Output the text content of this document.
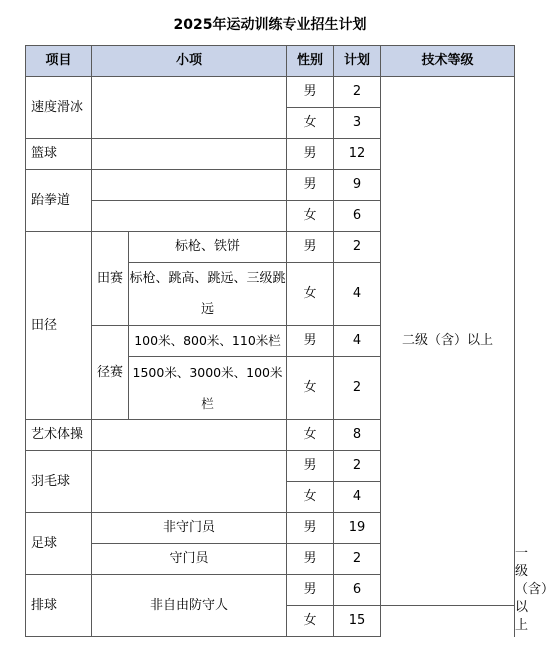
2025年运动训练专业招生计划
项目	小项		性别	计划	技术等级	
速度滑冰			男	2	二级（含）以上	
			女	3		
篮球			男	12		
跆拳道			男	9		
			女	6		
田径	田赛	标枪、铁饼	男	2		
		标枪、跳高、跳远、三级跳远	女	4		
	径赛	100米、800米、110米栏	男	4		
		1500米、3000米、100米栏	女	2		
艺术体操			女	8		
羽毛球			男	2		
			女	4		
足球	非守门员		男	19		
	守门员		男	2		一级（含）以上
排球	非自由防守人		男	6		
			女	15		
